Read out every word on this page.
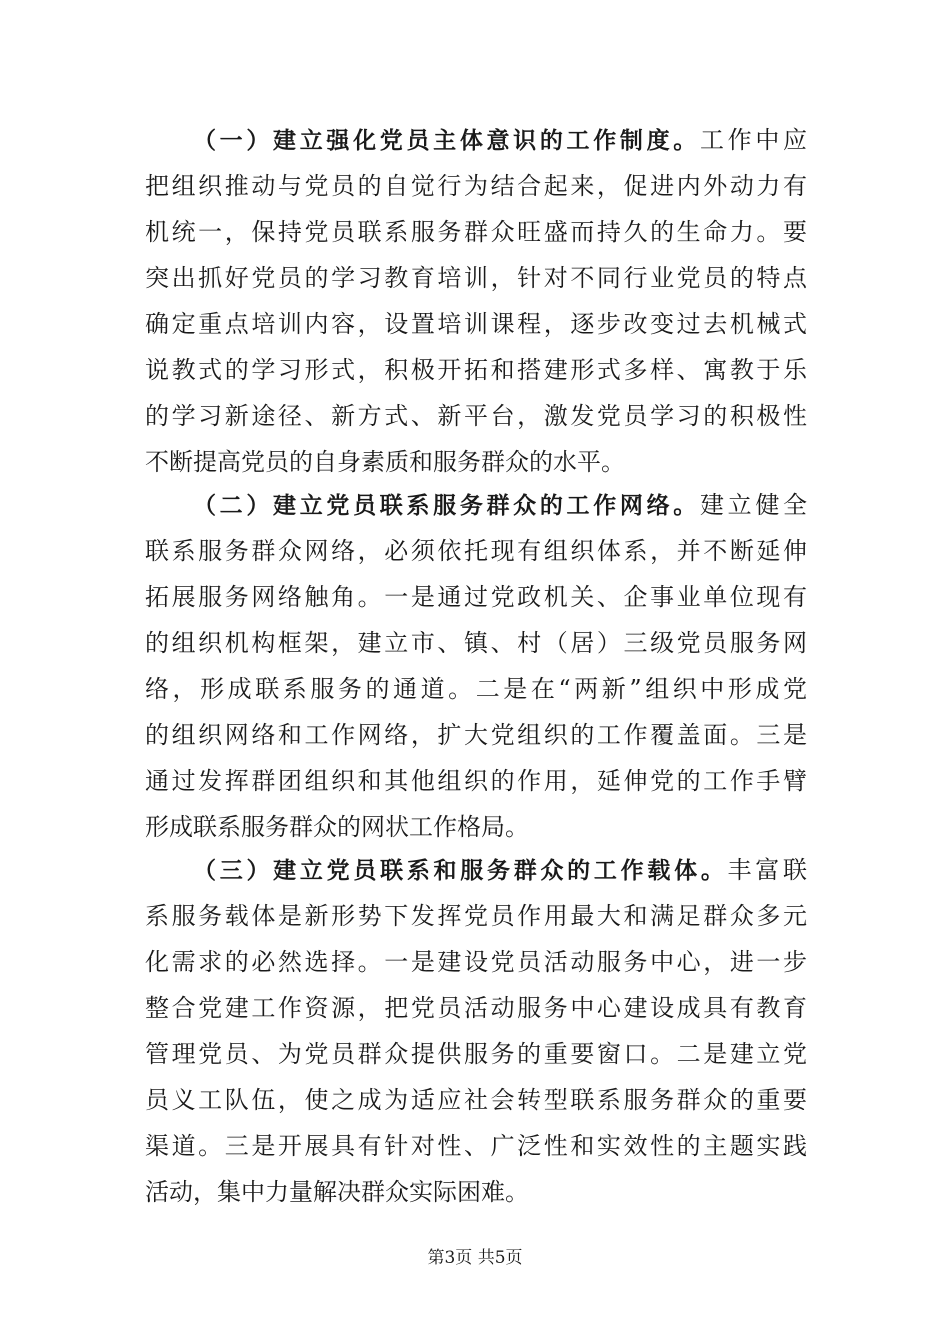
（一）建立强化党员主体意识的工作制度。工作中应
把组织推动与党员的自觉行为结合起来，促进内外动力有
机统一，保持党员联系服务群众旺盛而持久的生命力。要
突出抓好党员的学习教育培训，针对不同行业党员的特点
确定重点培训内容，设置培训课程，逐步改变过去机械式
说教式的学习形式，积极开拓和搭建形式多样、寓教于乐
的学习新途径、新方式、新平台，激发党员学习的积极性
不断提高党员的自身素质和服务群众的水平。
（二）建立党员联系服务群众的工作网络。建立健全
联系服务群众网络，必须依托现有组织体系，并不断延伸
拓展服务网络触角。一是通过党政机关、企事业单位现有
的组织机构框架，建立市、镇、村（居）三级党员服务网
络，形成联系服务的通道。二是在“两新”组织中形成党
的组织网络和工作网络，扩大党组织的工作覆盖面。三是
通过发挥群团组织和其他组织的作用，延伸党的工作手臂
形成联系服务群众的网状工作格局。
（三）建立党员联系和服务群众的工作载体。丰富联
系服务载体是新形势下发挥党员作用最大和满足群众多元
化需求的必然选择。一是建设党员活动服务中心，进一步
整合党建工作资源，把党员活动服务中心建设成具有教育
管理党员、为党员群众提供服务的重要窗口。二是建立党
员义工队伍，使之成为适应社会转型联系服务群众的重要
渠道。三是开展具有针对性、广泛性和实效性的主题实践
活动，集中力量解决群众实际困难。
第3页 共5页
